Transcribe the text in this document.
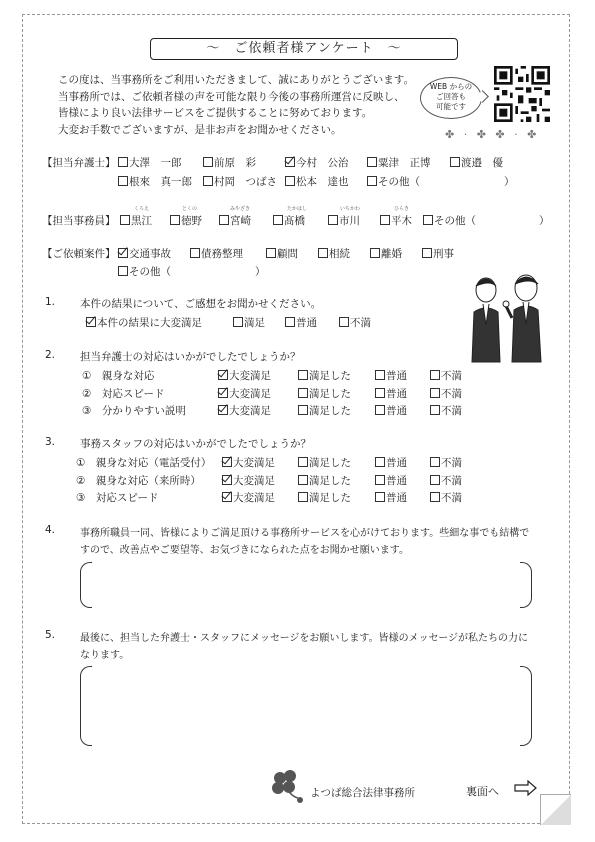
～　ご依頼者様アンケート　～
この度は、当事務所をご利用いただきまして、誠にありがとうございます。
当事務所では、ご依頼者様の声を可能な限り今後の事務所運営に反映し、
皆様により良い法律サービスをご提供することに努めております。
大変お手数でございますが、是非お声をお聞かせください。
WEB からの
ご回答も
可能です
✤ · ✤ ✤ · ✤
【担当弁護士】	大澤　一郎	前原　彩	今村　公治	粟津　正博	渡邉　優
根來　真一郎	村岡　つばさ	松本　達也	その他（　　　　　　　　）
【担当事務員】
くろえ	とくの	みやざき	たかはし	いちかわ	ひらき
黒江	徳野	宮崎	髙橋	市川	平木	その他（　　　　　　）
【ご依頼案件】	交通事故	債務整理	顧問	相続	離婚	刑事
その他（　　　　　　　　）
1. 本件の結果について、ご感想をお聞かせください。
本件の結果に大変満足	満足	普通	不満
2. 担当弁護士の対応はいかがでしたでしょうか？
①　親身な対応	大変満足	満足した	普通	不満
②　対応スピード	大変満足	満足した	普通	不満
③　分かりやすい説明	大変満足	満足した	普通	不満
3. 事務スタッフの対応はいかがでしたでしょうか？
①　親身な対応（電話受付）	大変満足	満足した	普通	不満
②　親身な対応（来所時）	大変満足	満足した	普通	不満
③　対応スピード	大変満足	満足した	普通	不満
4. 事務所職員一同、皆様によりご満足頂ける事務所サービスを心がけております。些細な事でも結構で
すので、改善点やご要望等、お気づきになられた点をお聞かせ願います。
5. 最後に、担当した弁護士・スタッフにメッセージをお願いします。皆様のメッセージが私たちの力に
なります。
よつば総合法律事務所	裏面へ
